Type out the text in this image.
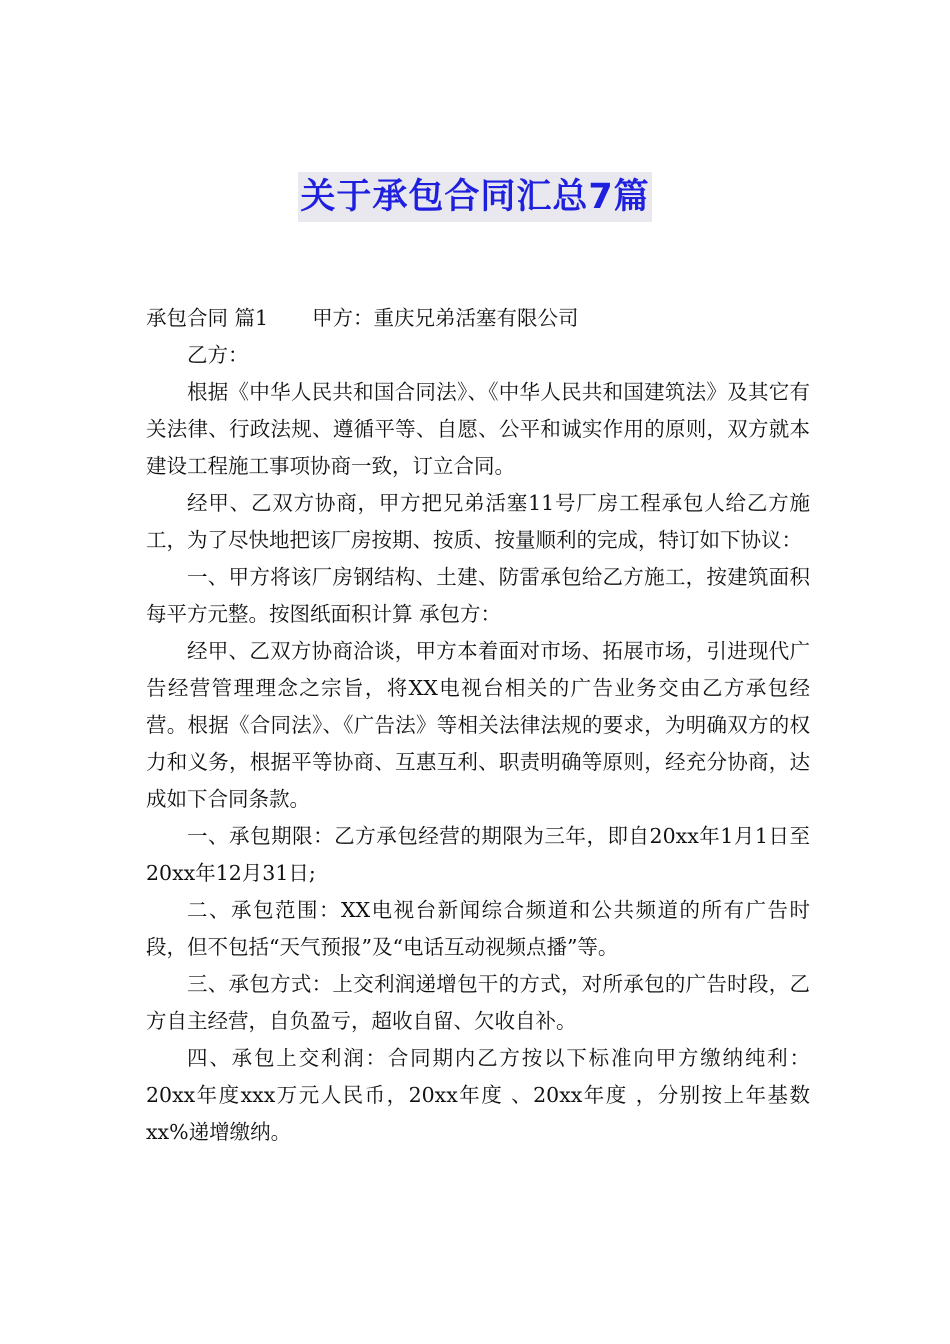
关于承包合同汇总7篇

承包合同 篇1 甲方：重庆兄弟活塞有限公司

乙方：

根据《中华人民共和国合同法》、《中华人民共和国建筑法》及其它有关法律、行政法规、遵循平等、自愿、公平和诚实作用的原则，双方就本建设工程施工事项协商一致，订立合同。

经甲、乙双方协商，甲方把兄弟活塞11号厂房工程承包人给乙方施工，为了尽快地把该厂房按期、按质、按量顺利的完成，特订如下协议：

一、甲方将该厂房钢结构、土建、防雷承包给乙方施工，按建筑面积每平方元整。按图纸面积计算 承包方：

经甲、乙双方协商洽谈，甲方本着面对市场、拓展市场，引进现代广告经营管理理念之宗旨，将XX电视台相关的广告业务交由乙方承包经营。根据《合同法》、《广告法》等相关法律法规的要求，为明确双方的权力和义务，根据平等协商、互惠互利、职责明确等原则，经充分协商，达成如下合同条款。

一、承包期限：乙方承包经营的期限为三年，即自20xx年1月1日至20xx年12月31日;

二、承包范围：XX电视台新闻综合频道和公共频道的所有广告时段，但不包括“天气预报”及“电话互动视频点播”等。

三、承包方式：上交利润递增包干的方式，对所承包的广告时段，乙方自主经营，自负盈亏，超收自留、欠收自补。

四、承包上交利润：合同期内乙方按以下标准向甲方缴纳纯利：20xx年度xxx万元人民币，20xx年度 、20xx年度 ，分别按上年基数xx%递增缴纳。
